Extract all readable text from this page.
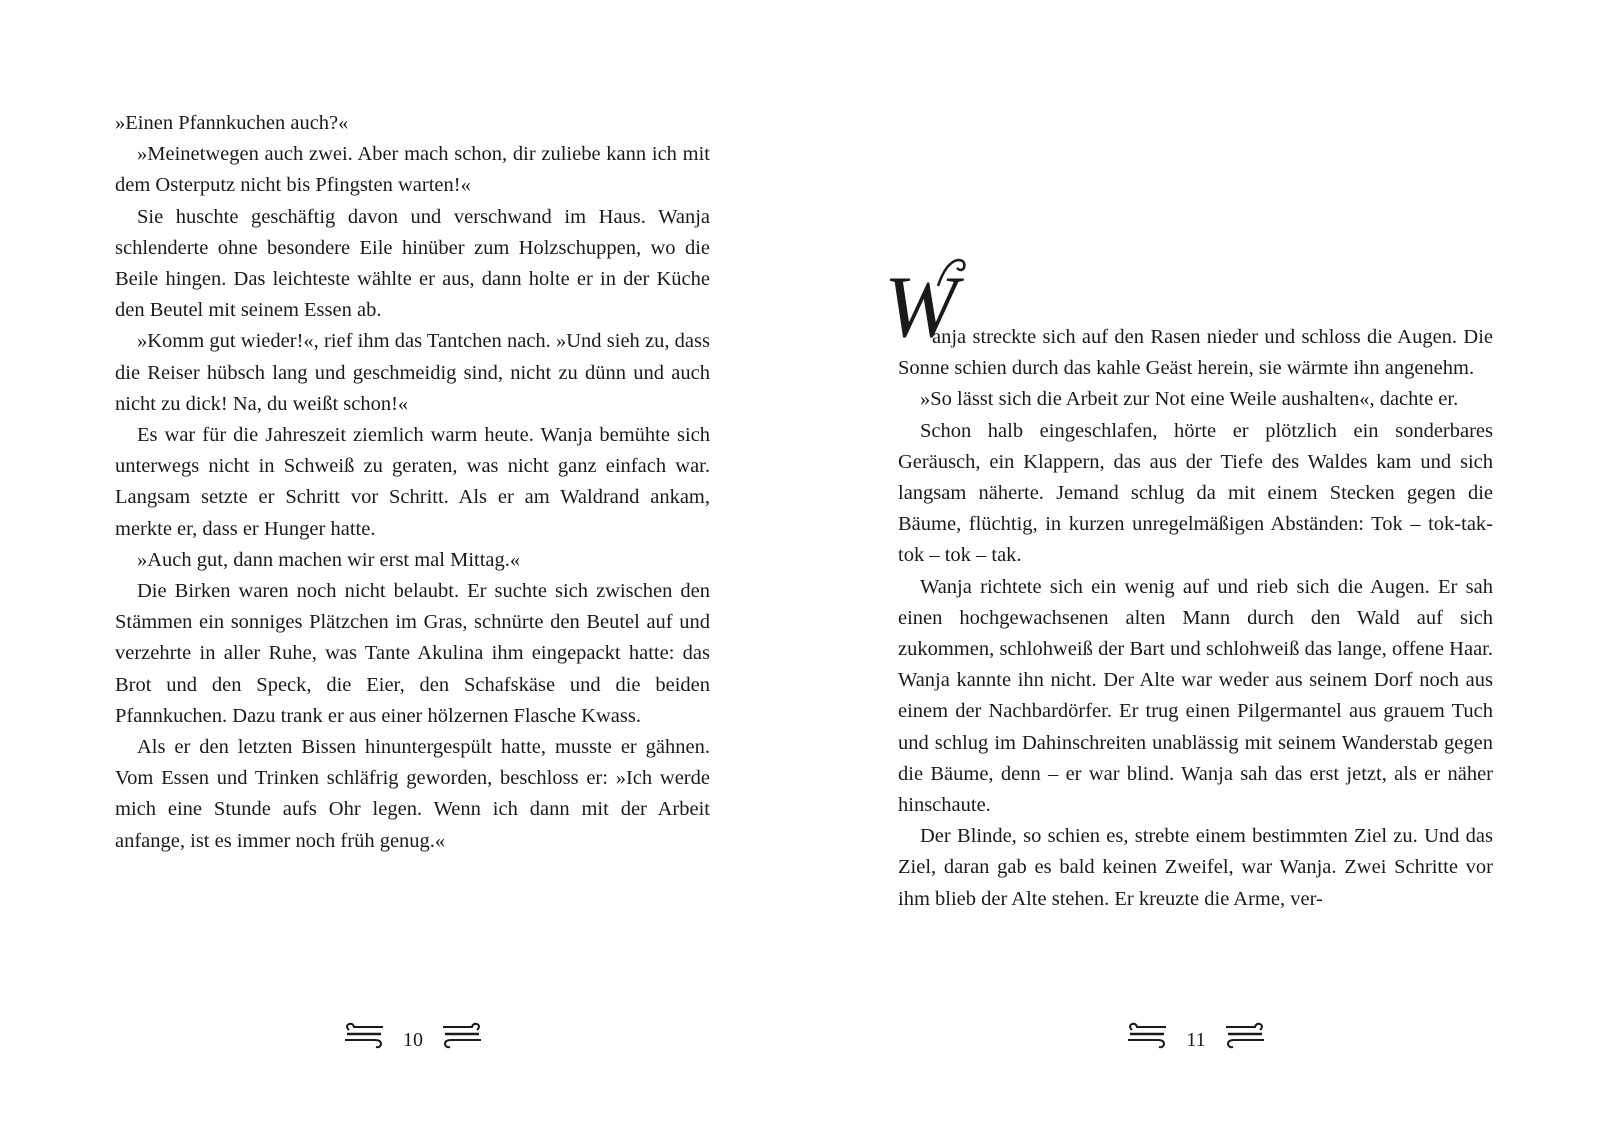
»Einen Pfannkuchen auch?«

»Meinetwegen auch zwei. Aber mach schon, dir zuliebe kann ich mit dem Osterputz nicht bis Pfingsten warten!«

Sie huschte geschäftig davon und verschwand im Haus. Wanja schlenderte ohne besondere Eile hinüber zum Holzschuppen, wo die Beile hingen. Das leichteste wählte er aus, dann holte er in der Küche den Beutel mit seinem Essen ab.

»Komm gut wieder!«, rief ihm das Tantchen nach. »Und sieh zu, dass die Reiser hübsch lang und geschmeidig sind, nicht zu dünn und auch nicht zu dick! Na, du weißt schon!«

Es war für die Jahreszeit ziemlich warm heute. Wanja bemühte sich unterwegs nicht in Schweiß zu geraten, was nicht ganz einfach war. Langsam setzte er Schritt vor Schritt. Als er am Waldrand ankam, merkte er, dass er Hunger hatte.

»Auch gut, dann machen wir erst mal Mittag.«

Die Birken waren noch nicht belaubt. Er suchte sich zwischen den Stämmen ein sonniges Plätzchen im Gras, schnürte den Beutel auf und verzehrte in aller Ruhe, was Tante Akulina ihm eingepackt hatte: das Brot und den Speck, die Eier, den Schafskäse und die beiden Pfannkuchen. Dazu trank er aus einer hölzernen Flasche Kwass.

Als er den letzten Bissen hinuntergespült hatte, musste er gähnen. Vom Essen und Trinken schläfrig geworden, beschloss er: »Ich werde mich eine Stunde aufs Ohr legen. Wenn ich dann mit der Arbeit anfange, ist es immer noch früh genug.«

10
W

anja streckte sich auf den Rasen nieder und schloss die Augen. Die Sonne schien durch das kahle Geäst herein, sie wärmte ihn angenehm.

»So lässt sich die Arbeit zur Not eine Weile aushalten«, dachte er.

Schon halb eingeschlafen, hörte er plötzlich ein sonderbares Geräusch, ein Klappern, das aus der Tiefe des Waldes kam und sich langsam näherte. Jemand schlug da mit einem Stecken gegen die Bäume, flüchtig, in kurzen unregelmäßigen Abständen: Tok – tok-tak-tok – tok – tak.

Wanja richtete sich ein wenig auf und rieb sich die Augen. Er sah einen hochgewachsenen alten Mann durch den Wald auf sich zukommen, schlohweiß der Bart und schlohweiß das lange, offene Haar. Wanja kannte ihn nicht. Der Alte war weder aus seinem Dorf noch aus einem der Nachbardörfer. Er trug einen Pilgermantel aus grauem Tuch und schlug im Dahinschreiten unablässig mit seinem Wanderstab gegen die Bäume, denn – er war blind. Wanja sah das erst jetzt, als er näher hinschaute.

Der Blinde, so schien es, strebte einem bestimmten Ziel zu. Und das Ziel, daran gab es bald keinen Zweifel, war Wanja. Zwei Schritte vor ihm blieb der Alte stehen. Er kreuzte die Arme, ver-

11
